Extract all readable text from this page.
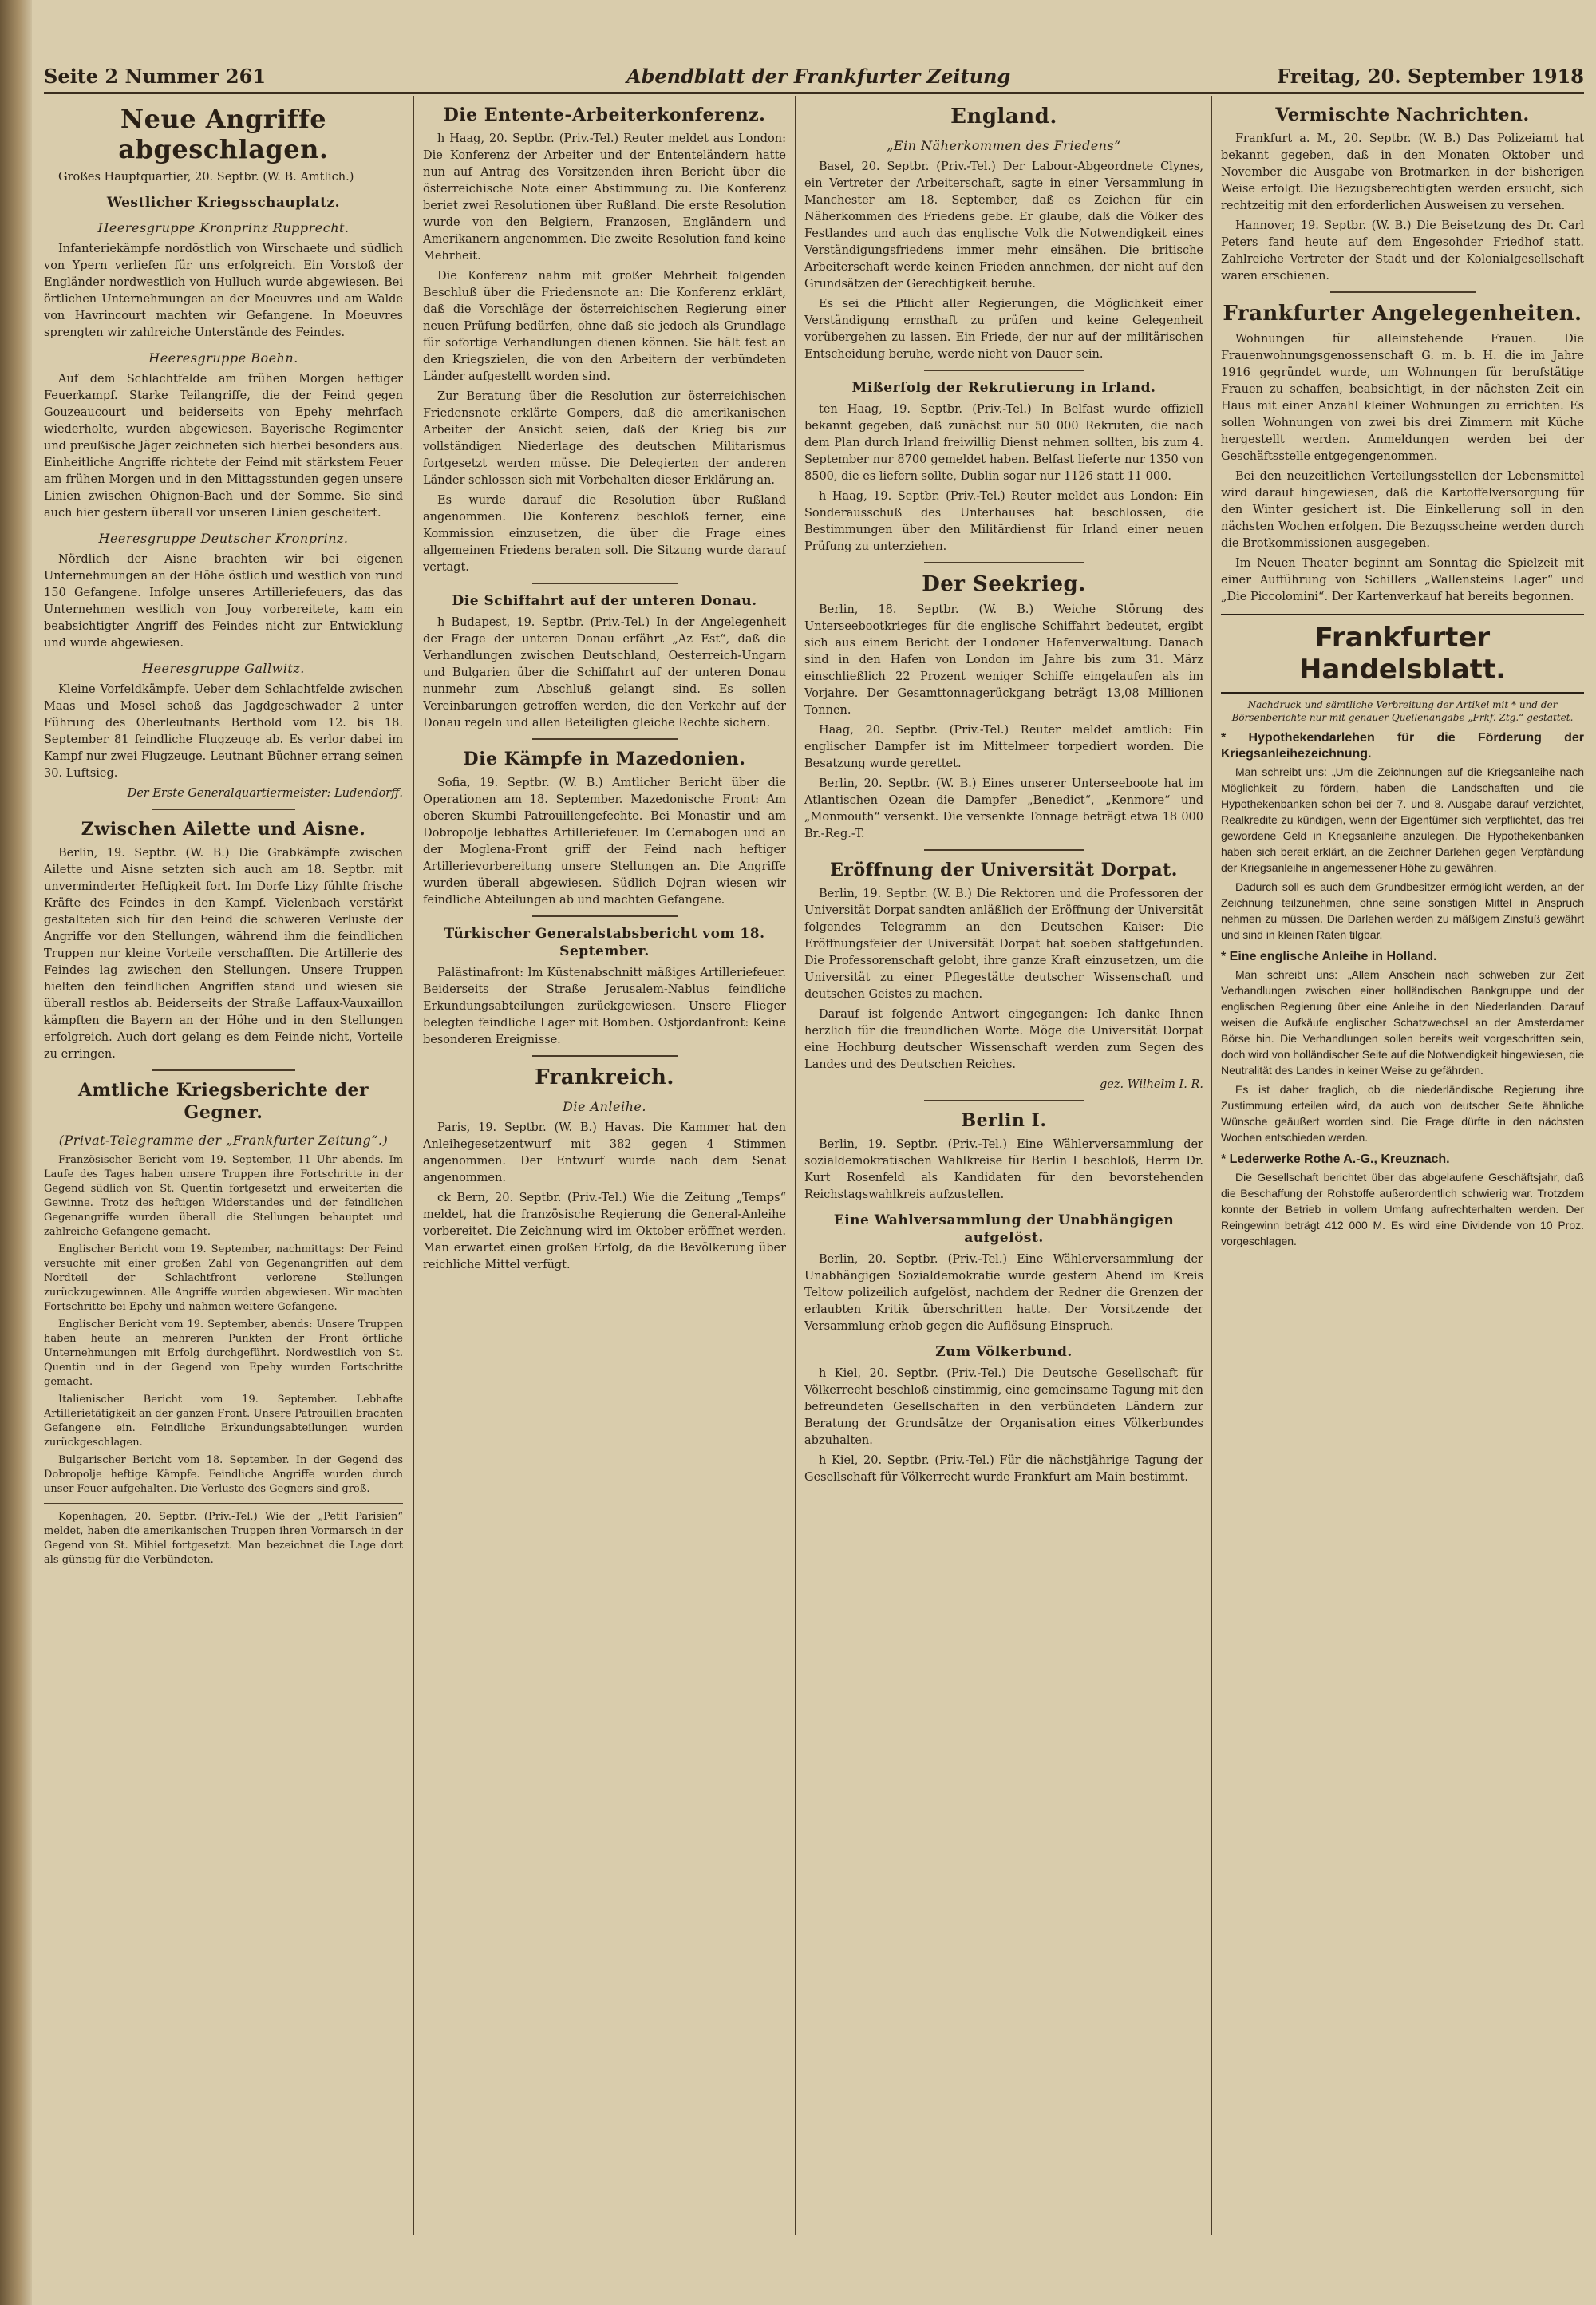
Seite 2 Nummer 261	Abendblatt der Frankfurter Zeitung	Freitag, 20. September 1918
Neue Angriffe abgeschlagen.

Großes Hauptquartier, 20. Septbr. (W. B. Amtlich.)

Westlicher Kriegsschauplatz.
Heeresgruppe Kronprinz Rupprecht.

Infanteriekämpfe nordöstlich von Wirschaete und südlich von Ypern verliefen für uns erfolgreich. Ein Vorstoß der Engländer nordwestlich von Hulluch wurde abgewiesen. Bei örtlichen Unternehmungen an der Moeuvres und am Walde von Havrincourt machten wir Gefangene. In Moeuvres sprengten wir zahlreiche Unterstände des Feindes.

Heeresgruppe Boehn.

Auf dem Schlachtfelde am frühen Morgen heftiger Feuerkampf. Starke Teilangriffe, die der Feind gegen Gouzeaucourt und beiderseits von Epehy mehrfach wiederholte, wurden abgewiesen. Bayerische Regimenter und preußische Jäger zeichneten sich hierbei besonders aus. Einheitliche Angriffe richtete der Feind mit stärkstem Feuer am frühen Morgen und in den Mittagsstunden gegen unsere Linien zwischen Ohignon-Bach und der Somme. Sie sind auch hier gestern überall vor unseren Linien gescheitert.

Heeresgruppe Deutscher Kronprinz.

Nördlich der Aisne brachten wir bei eigenen Unternehmungen an der Höhe östlich und westlich von rund 150 Gefangene. Infolge unseres Artilleriefeuers, das das Unternehmen westlich von Jouy vorbereitete, kam ein beabsichtigter Angriff des Feindes nicht zur Entwicklung und wurde abgewiesen.

Heeresgruppe Gallwitz.

Kleine Vorfeldkämpfe. Ueber dem Schlachtfelde zwischen Maas und Mosel schoß das Jagdgeschwader 2 unter Führung des Oberleutnants Berthold vom 12. bis 18. September 81 feindliche Flugzeuge ab. Es verlor dabei im Kampf nur zwei Flugzeuge. Leutnant Büchner errang seinen 30. Luftsieg.

Der Erste Generalquartiermeister: Ludendorff.

Zwischen Ailette und Aisne.

Berlin, 19. Septbr. (W. B.) Die Grabkämpfe zwischen Ailette und Aisne setzten sich auch am 18. Septbr. mit unverminderter Heftigkeit fort. Im Dorfe Lizy fühlte frische Kräfte des Feindes in den Kampf. Vielenbach verstärkt gestalteten sich für den Feind die schweren Verluste der Angriffe vor den Stellungen, während ihm die feindlichen Truppen nur kleine Vorteile verschafften. Die Artillerie des Feindes lag zwischen den Stellungen. Unsere Truppen hielten den feindlichen Angriffen stand und wiesen sie überall restlos ab. Beiderseits der Straße Laffaux-Vauxaillon kämpften die Bayern an der Höhe und in den Stellungen erfolgreich. Auch dort gelang es dem Feinde nicht, Vorteile zu erringen.

Amtliche Kriegsberichte der Gegner.
(Privat-Telegramme der „Frankfurter Zeitung“.)

Französischer Bericht vom 19. September, 11 Uhr abends. Im Laufe des Tages haben unsere Truppen ihre Fortschritte in der Gegend südlich von St. Quentin fortgesetzt und erweiterten die Gewinne. Trotz des heftigen Widerstandes und der feindlichen Gegenangriffe wurden überall die Stellungen behauptet und zahlreiche Gefangene gemacht.

Englischer Bericht vom 19. September, nachmittags: Der Feind versuchte mit einer großen Zahl von Gegenangriffen auf dem Nordteil der Schlachtfront verlorene Stellungen zurückzugewinnen. Alle Angriffe wurden abgewiesen. Wir machten Fortschritte bei Epehy und nahmen weitere Gefangene.

Englischer Bericht vom 19. September, abends: Unsere Truppen haben heute an mehreren Punkten der Front örtliche Unternehmungen mit Erfolg durchgeführt. Nordwestlich von St. Quentin und in der Gegend von Epehy wurden Fortschritte gemacht.

Italienischer Bericht vom 19. September. Lebhafte Artillerietätigkeit an der ganzen Front. Unsere Patrouillen brachten Gefangene ein. Feindliche Erkundungsabteilungen wurden zurückgeschlagen.

Bulgarischer Bericht vom 18. September. In der Gegend des Dobropolje heftige Kämpfe. Feindliche Angriffe wurden durch unser Feuer aufgehalten. Die Verluste des Gegners sind groß.

Kopenhagen, 20. Septbr. (Priv.-Tel.) Wie der „Petit Parisien“ meldet, haben die amerikanischen Truppen ihren Vormarsch in der Gegend von St. Mihiel fortgesetzt. Man bezeichnet die Lage dort als günstig für die Verbündeten.

Die Entente-Arbeiterkonferenz.

h Haag, 20. Septbr. (Priv.-Tel.) Reuter meldet aus London: Die Konferenz der Arbeiter und der Ententeländern hatte nun auf Antrag des Vorsitzenden ihren Bericht über die österreichische Note einer Abstimmung zu. Die Konferenz beriet zwei Resolutionen über Rußland. Die erste Resolution wurde von den Belgiern, Franzosen, Engländern und Amerikanern angenommen. Die zweite Resolution fand keine Mehrheit.

Die Konferenz nahm mit großer Mehrheit folgenden Beschluß über die Friedensnote an: Die Konferenz erklärt, daß die Vorschläge der österreichischen Regierung einer neuen Prüfung bedürfen, ohne daß sie jedoch als Grundlage für sofortige Verhandlungen dienen können. Sie hält fest an den Kriegszielen, die von den Arbeitern der verbündeten Länder aufgestellt worden sind.

Zur Beratung über die Resolution zur österreichischen Friedensnote erklärte Gompers, daß die amerikanischen Arbeiter der Ansicht seien, daß der Krieg bis zur vollständigen Niederlage des deutschen Militarismus fortgesetzt werden müsse. Die Delegierten der anderen Länder schlossen sich mit Vorbehalten dieser Erklärung an.

Es wurde darauf die Resolution über Rußland angenommen. Die Konferenz beschloß ferner, eine Kommission einzusetzen, die über die Frage eines allgemeinen Friedens beraten soll. Die Sitzung wurde darauf vertagt.

Die Schiffahrt auf der unteren Donau.

h Budapest, 19. Septbr. (Priv.-Tel.) In der Angelegenheit der Frage der unteren Donau erfährt „Az Est“, daß die Verhandlungen zwischen Deutschland, Oesterreich-Ungarn und Bulgarien über die Schiffahrt auf der unteren Donau nunmehr zum Abschluß gelangt sind. Es sollen Vereinbarungen getroffen werden, die den Verkehr auf der Donau regeln und allen Beteiligten gleiche Rechte sichern.

Die Kämpfe in Mazedonien.

Sofia, 19. Septbr. (W. B.) Amtlicher Bericht über die Operationen am 18. September. Mazedonische Front: Am oberen Skumbi Patrouillengefechte. Bei Monastir und am Dobropolje lebhaftes Artilleriefeuer. Im Cernabogen und an der Moglena-Front griff der Feind nach heftiger Artillerievorbereitung unsere Stellungen an. Die Angriffe wurden überall abgewiesen. Südlich Dojran wiesen wir feindliche Abteilungen ab und machten Gefangene.

Türkischer Generalstabsbericht vom 18. September.

Palästinafront: Im Küstenabschnitt mäßiges Artilleriefeuer. Beiderseits der Straße Jerusalem-Nablus feindliche Erkundungsabteilungen zurückgewiesen. Unsere Flieger belegten feindliche Lager mit Bomben. Ostjordanfront: Keine besonderen Ereignisse.

Frankreich.
Die Anleihe.

Paris, 19. Septbr. (W. B.) Havas. Die Kammer hat den Anleihegesetzentwurf mit 382 gegen 4 Stimmen angenommen. Der Entwurf wurde nach dem Senat angenommen.

ck Bern, 20. Septbr. (Priv.-Tel.) Wie die Zeitung „Temps“ meldet, hat die französische Regierung die General-Anleihe vorbereitet. Die Zeichnung wird im Oktober eröffnet werden. Man erwartet einen großen Erfolg, da die Bevölkerung über reichliche Mittel verfügt.

England.
„Ein Näherkommen des Friedens“

Basel, 20. Septbr. (Priv.-Tel.) Der Labour-Abgeordnete Clynes, ein Vertreter der Arbeiterschaft, sagte in einer Versammlung in Manchester am 18. September, daß es Zeichen für ein Näherkommen des Friedens gebe. Er glaube, daß die Völker des Festlandes und auch das englische Volk die Notwendigkeit eines Verständigungsfriedens immer mehr einsähen. Die britische Arbeiterschaft werde keinen Frieden annehmen, der nicht auf den Grundsätzen der Gerechtigkeit beruhe.

Es sei die Pflicht aller Regierungen, die Möglichkeit einer Verständigung ernsthaft zu prüfen und keine Gelegenheit vorübergehen zu lassen. Ein Friede, der nur auf der militärischen Entscheidung beruhe, werde nicht von Dauer sein.

Mißerfolg der Rekrutierung in Irland.

ten Haag, 19. Septbr. (Priv.-Tel.) In Belfast wurde offiziell bekannt gegeben, daß zunächst nur 50 000 Rekruten, die nach dem Plan durch Irland freiwillig Dienst nehmen sollten, bis zum 4. September nur 8700 gemeldet haben. Belfast lieferte nur 1350 von 8500, die es liefern sollte, Dublin sogar nur 1126 statt 11 000.

h Haag, 19. Septbr. (Priv.-Tel.) Reuter meldet aus London: Ein Sonderausschuß des Unterhauses hat beschlossen, die Bestimmungen über den Militärdienst für Irland einer neuen Prüfung zu unterziehen.

Der Seekrieg.

Berlin, 18. Septbr. (W. B.) Weiche Störung des Unterseebootkrieges für die englische Schiffahrt bedeutet, ergibt sich aus einem Bericht der Londoner Hafenverwaltung. Danach sind in den Hafen von London im Jahre bis zum 31. März einschließlich 22 Prozent weniger Schiffe eingelaufen als im Vorjahre. Der Gesamttonnagerückgang beträgt 13,08 Millionen Tonnen.

Haag, 20. Septbr. (Priv.-Tel.) Reuter meldet amtlich: Ein englischer Dampfer ist im Mittelmeer torpediert worden. Die Besatzung wurde gerettet.

Berlin, 20. Septbr. (W. B.) Eines unserer Unterseeboote hat im Atlantischen Ozean die Dampfer „Benedict“, „Kenmore“ und „Monmouth“ versenkt. Die versenkte Tonnage beträgt etwa 18 000 Br.-Reg.-T.

Eröffnung der Universität Dorpat.

Berlin, 19. Septbr. (W. B.) Die Rektoren und die Professoren der Universität Dorpat sandten anläßlich der Eröffnung der Universität folgendes Telegramm an den Deutschen Kaiser: Die Eröffnungsfeier der Universität Dorpat hat soeben stattgefunden. Die Professorenschaft gelobt, ihre ganze Kraft einzusetzen, um die Universität zu einer Pflegestätte deutscher Wissenschaft und deutschen Geistes zu machen.

Darauf ist folgende Antwort eingegangen: Ich danke Ihnen herzlich für die freundlichen Worte. Möge die Universität Dorpat eine Hochburg deutscher Wissenschaft werden zum Segen des Landes und des Deutschen Reiches.

gez. Wilhelm I. R.

Berlin I.

Berlin, 19. Septbr. (Priv.-Tel.) Eine Wählerversammlung der sozialdemokratischen Wahlkreise für Berlin I beschloß, Herrn Dr. Kurt Rosenfeld als Kandidaten für den bevorstehenden Reichstagswahlkreis aufzustellen.

Eine Wahlversammlung der Unabhängigen aufgelöst.

Berlin, 20. Septbr. (Priv.-Tel.) Eine Wählerversammlung der Unabhängigen Sozialdemokratie wurde gestern Abend im Kreis Teltow polizeilich aufgelöst, nachdem der Redner die Grenzen der erlaubten Kritik überschritten hatte. Der Vorsitzende der Versammlung erhob gegen die Auflösung Einspruch.

Zum Völkerbund.

h Kiel, 20. Septbr. (Priv.-Tel.) Die Deutsche Gesellschaft für Völkerrecht beschloß einstimmig, eine gemeinsame Tagung mit den befreundeten Gesellschaften in den verbündeten Ländern zur Beratung der Grundsätze der Organisation eines Völkerbundes abzuhalten.

h Kiel, 20. Septbr. (Priv.-Tel.) Für die nächstjährige Tagung der Gesellschaft für Völkerrecht wurde Frankfurt am Main bestimmt.

Vermischte Nachrichten.

Frankfurt a. M., 20. Septbr. (W. B.) Das Polizeiamt hat bekannt gegeben, daß in den Monaten Oktober und November die Ausgabe von Brotmarken in der bisherigen Weise erfolgt. Die Bezugsberechtigten werden ersucht, sich rechtzeitig mit den erforderlichen Ausweisen zu versehen.

Hannover, 19. Septbr. (W. B.) Die Beisetzung des Dr. Carl Peters fand heute auf dem Engesohder Friedhof statt. Zahlreiche Vertreter der Stadt und der Kolonialgesellschaft waren erschienen.

Frankfurter Angelegenheiten.

Wohnungen für alleinstehende Frauen. Die Frauenwohnungsgenossenschaft G. m. b. H. die im Jahre 1916 gegründet wurde, um Wohnungen für berufstätige Frauen zu schaffen, beabsichtigt, in der nächsten Zeit ein Haus mit einer Anzahl kleiner Wohnungen zu errichten. Es sollen Wohnungen von zwei bis drei Zimmern mit Küche hergestellt werden. Anmeldungen werden bei der Geschäftsstelle entgegengenommen.

Bei den neuzeitlichen Verteilungsstellen der Lebensmittel wird darauf hingewiesen, daß die Kartoffelversorgung für den Winter gesichert ist. Die Einkellerung soll in den nächsten Wochen erfolgen. Die Bezugsscheine werden durch die Brotkommissionen ausgegeben.

Im Neuen Theater beginnt am Sonntag die Spielzeit mit einer Aufführung von Schillers „Wallensteins Lager“ und „Die Piccolomini“. Der Kartenverkauf hat bereits begonnen.

Frankfurter Handelsblatt.
Nachdruck und sämtliche Verbreitung der Artikel mit * und der Börsenberichte nur mit genauer Quellenangabe „Frkf. Ztg.“ gestattet.
* Hypothekendarlehen für die Förderung der Kriegsanleihezeichnung.

Man schreibt uns: „Um die Zeichnungen auf die Kriegsanleihe nach Möglichkeit zu fördern, haben die Landschaften und die Hypothekenbanken schon bei der 7. und 8. Ausgabe darauf verzichtet, Realkredite zu kündigen, wenn der Eigentümer sich verpflichtet, das frei gewordene Geld in Kriegsanleihe anzulegen. Die Hypothekenbanken haben sich bereit erklärt, an die Zeichner Darlehen gegen Verpfändung der Kriegsanleihe in angemessener Höhe zu gewähren.

Dadurch soll es auch dem Grundbesitzer ermöglicht werden, an der Zeichnung teilzunehmen, ohne seine sonstigen Mittel in Anspruch nehmen zu müssen. Die Darlehen werden zu mäßigem Zinsfuß gewährt und sind in kleinen Raten tilgbar.

* Eine englische Anleihe in Holland.

Man schreibt uns: „Allem Anschein nach schweben zur Zeit Verhandlungen zwischen einer holländischen Bankgruppe und der englischen Regierung über eine Anleihe in den Niederlanden. Darauf weisen die Aufkäufe englischer Schatzwechsel an der Amsterdamer Börse hin. Die Verhandlungen sollen bereits weit vorgeschritten sein, doch wird von holländischer Seite auf die Notwendigkeit hingewiesen, die Neutralität des Landes in keiner Weise zu gefährden.

Es ist daher fraglich, ob die niederländische Regierung ihre Zustimmung erteilen wird, da auch von deutscher Seite ähnliche Wünsche geäußert worden sind. Die Frage dürfte in den nächsten Wochen entschieden werden.

* Lederwerke Rothe A.-G., Kreuznach.

Die Gesellschaft berichtet über das abgelaufene Geschäftsjahr, daß die Beschaffung der Rohstoffe außerordentlich schwierig war. Trotzdem konnte der Betrieb in vollem Umfang aufrechterhalten werden. Der Reingewinn beträgt 412 000 M. Es wird eine Dividende von 10 Proz. vorgeschlagen.
